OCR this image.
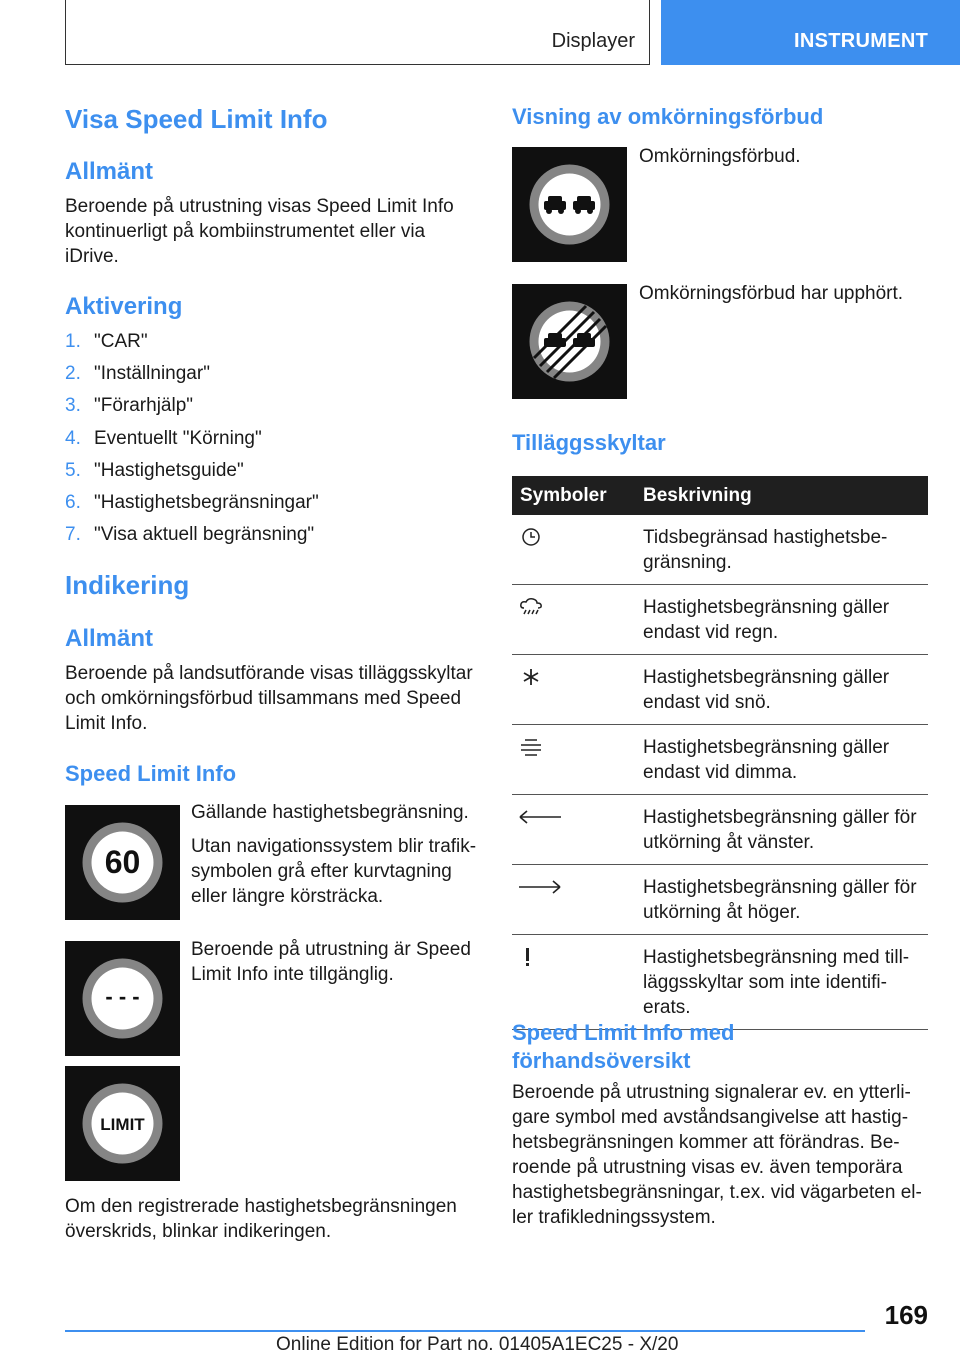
Displayer	INSTRUMENT
Visa Speed Limit Info
Allmänt
Beroende på utrustning visas Speed Limit Info kontinuerligt på kombiinstrumentet eller via iDrive.
Aktivering
1. "CAR"
2. "Inställningar"
3. "Förarhjälp"
4. Eventuellt "Körning"
5. "Hastighetsguide"
6. "Hastighetsbegränsningar"
7. "Visa aktuell begränsning"
Indikering
Allmänt
Beroende på landsutförande visas tilläggsskyltar och omkörningsförbud tillsammans med Speed Limit Info.
Speed Limit Info
60
Gällande hastighetsbegränsning.
Utan navigationssystem blir trafik-symbolen grå efter kurvtagning eller längre körsträcka.
- - -
Beroende på utrustning är Speed Limit Info inte tillgänglig.
LIMIT
Om den registrerade hastighetsbegränsningen överskrids, blinkar indikeringen.
Visning av omkörningsförbud
Omkörningsförbud.
Omkörningsförbud har upphört.
Tilläggsskyltar
Symboler Beskrivning
Tidsbegränsad hastighetsbe-gränsning.
Hastighetsbegränsning gäller endast vid regn.
Hastighetsbegränsning gäller endast vid snö.
Hastighetsbegränsning gäller endast vid dimma.
Hastighetsbegränsning gäller för utkörning åt vänster.
Hastighetsbegränsning gäller för utkörning åt höger.
Hastighetsbegränsning med till-läggsskyltar som inte identifi-erats.
Speed Limit Info med förhandsöversikt
Beroende på utrustning signalerar ev. en ytterli-gare symbol med avståndsangivelse att hastig-hetsbegränsningen kommer att förändras. Be-roende på utrustning visas ev. även temporära hastighetsbegränsningar, t.ex. vid vägarbeten el-ler trafikledningssystem.
169
Online Edition for Part no. 01405A1EC25 - X/20
